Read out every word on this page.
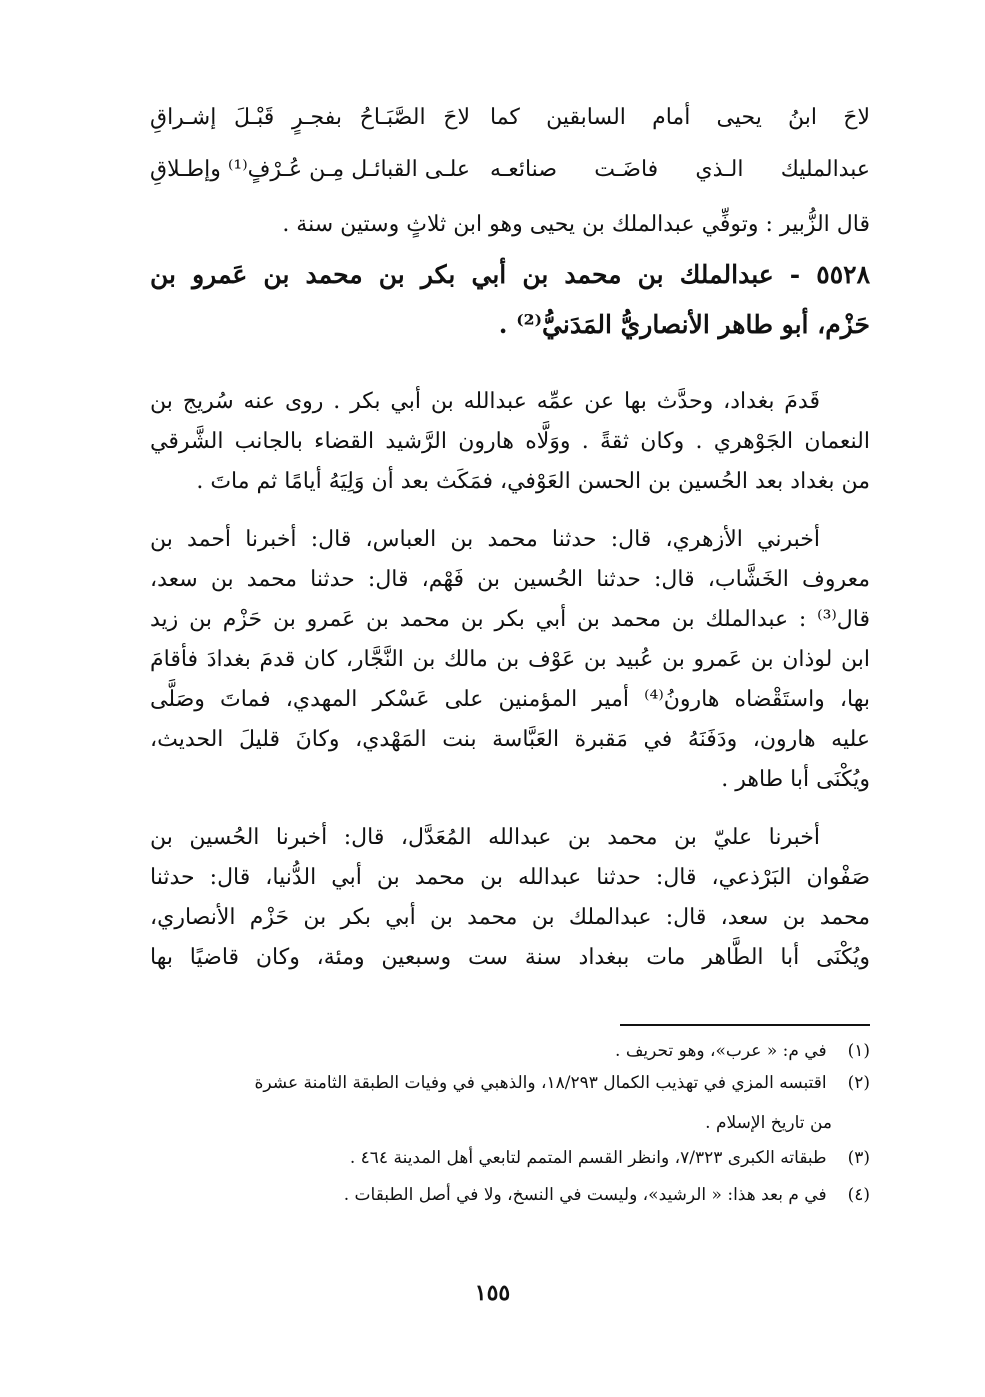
قال الزُّبير : وتوفِّي عبدالملك بن يحيى وهو ابن ثلاثٍ وستين سنة .
٥٥٢٨ - عبدالملك بن محمد بن أبي بكر بن محمد بن عَمرو بن
حَزْم، أبو طاهر الأنصاريُّ المَدَنيُّ⁽²⁾ .
قَدمَ بغداد، وحدَّث بها عن عمِّه عبدالله بن أبي بكر . روى عنه سُريج بن
النعمان الجَوْهري . وكان ثقةً . ووَلَّاه هارون الرَّشيد القضاء بالجانب الشَّرقي
من بغداد بعد الحُسين بن الحسن العَوْفي، فمَكَث بعد أن وَلِيَهُ أيامًا ثم ماتَ .
أخبرني الأزهري، قال: حدثنا محمد بن العباس، قال: أخبرنا أحمد بن
معروف الخَشَّاب، قال: حدثنا الحُسين بن فَهْم، قال: حدثنا محمد بن سعد،
قال⁽³⁾ : عبدالملك بن محمد بن أبي بكر بن محمد بن عَمرو بن حَزْم بن زيد
ابن لوذان بن عَمرو بن عُبيد بن عَوْف بن مالك بن النَّجَّار، كان قدمَ بغدادَ فأقامَ
بها، واستَقْضاه هارونُ⁽⁴⁾ أمير المؤمنين على عَسْكر المهدي، فماتَ وصَلَّى
عليه هارون، ودَفَنَهُ في مَقبرة العَبَّاسة بنت المَهْدي، وكانَ قليلَ الحديث،
ويُكْنَى أبا طاهر .
أخبرنا عليّ بن محمد بن عبدالله المُعَدَّل، قال: أخبرنا الحُسين بن
صَفْوان البَرْذعي، قال: حدثنا عبدالله بن محمد بن أبي الدُّنيا، قال: حدثنا
محمد بن سعد، قال: عبدالملك بن محمد بن أبي بكر بن حَزْم الأنصاري،
ويُكْنَى أبا الطَّاهر مات ببغداد سنة ست وسبعين ومئة، وكان قاضيًا بها
(١) في م: « عرب»، وهو تحريف .
(٢) اقتبسه المزي في تهذيب الكمال ١٨/٢٩٣، والذهبي في وفيات الطبقة الثامنة عشرة
من تاريخ الإسلام .
(٣) طبقاته الكبرى ٧/٣٢٣، وانظر القسم المتمم لتابعي أهل المدينة ٤٦٤ .
(٤) في م بعد هذا: « الرشيد»، وليست في النسخ، ولا في أصل الطبقات .
١٥٥
لاحَ ابنُ يحيى أمام السابقين كما
لاحَ الصَّبَـاحُ بفجـرٍ قَبْـلَ إشـراقِ
عبدالمليك الـذي فاضَـت صنائعـه
علـى القبائـل مِـن عُـرْفٍ⁽¹⁾ وإطـلاقِ
